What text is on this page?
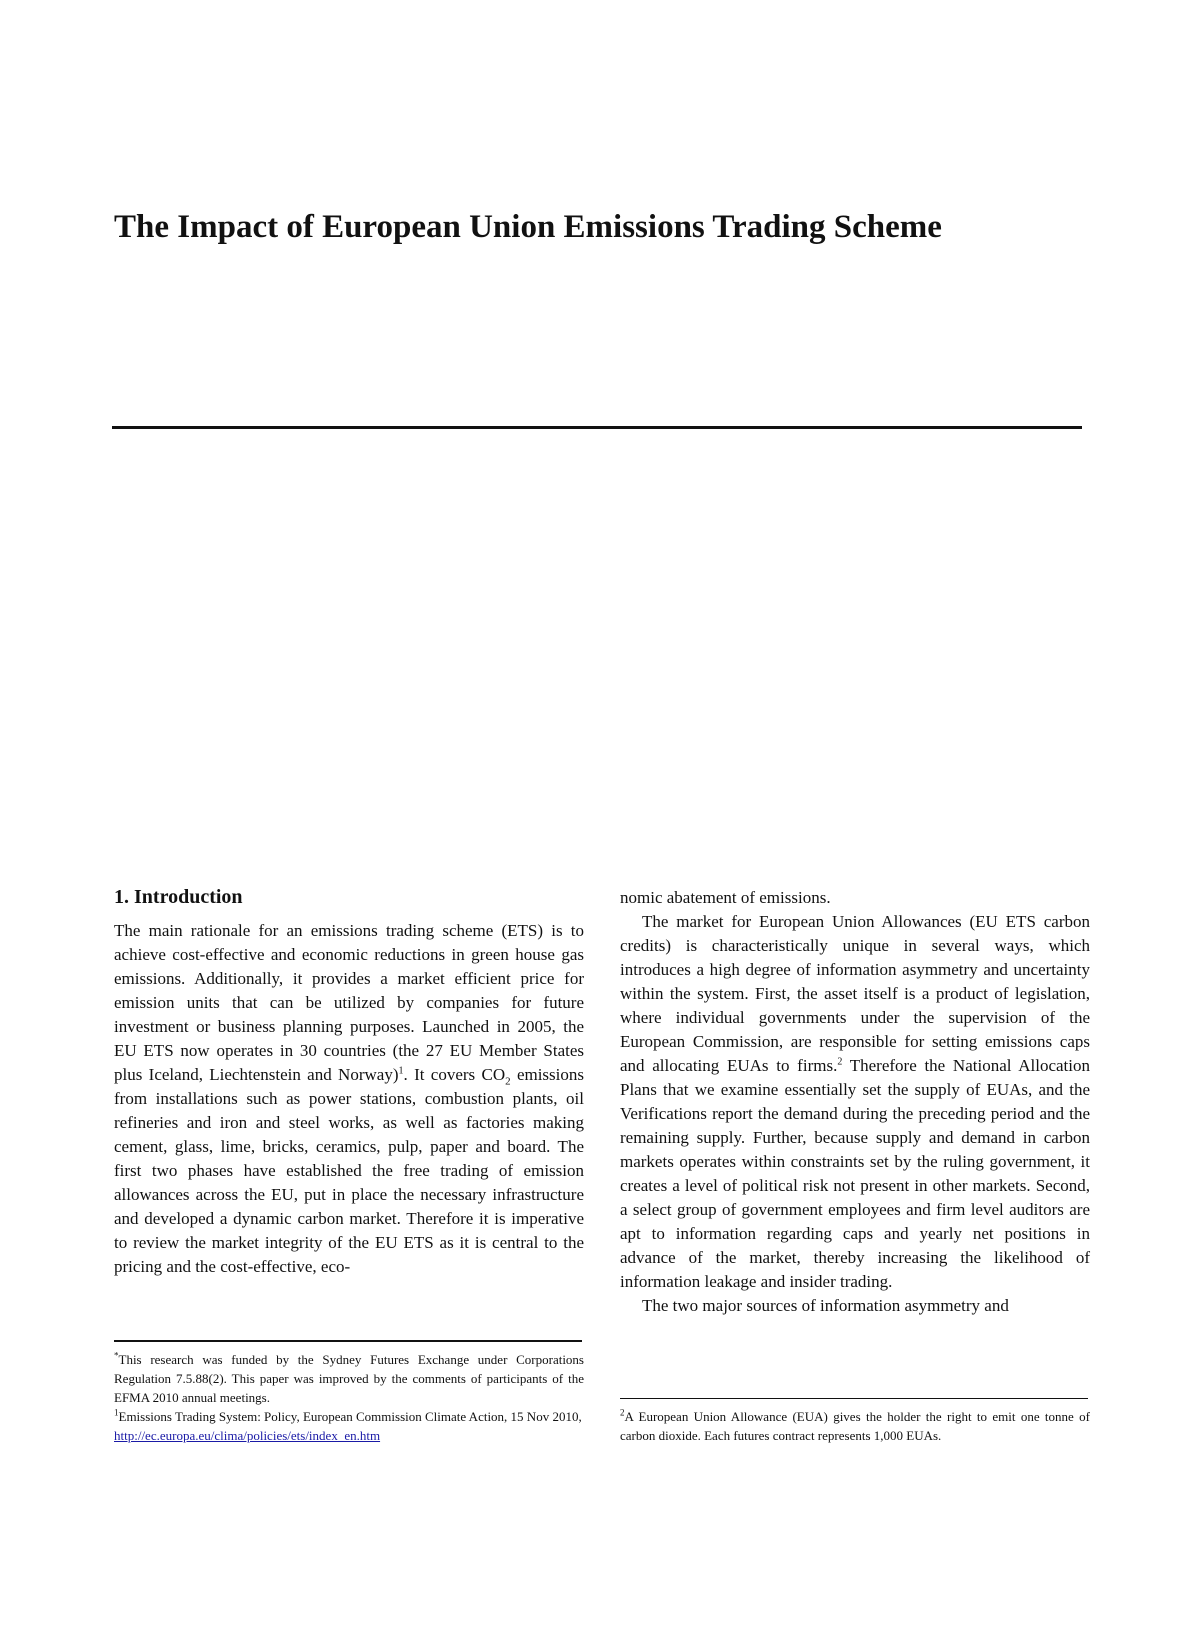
The Impact of European Union Emissions Trading Scheme
1. Introduction

The main rationale for an emissions trading scheme (ETS) is to achieve cost-effective and economic reductions in green house gas emissions. Additionally, it provides a market efficient price for emission units that can be utilized by companies for future investment or business planning purposes. Launched in 2005, the EU ETS now operates in 30 countries (the 27 EU Member States plus Iceland, Liechtenstein and Norway)$^1$. It covers $CO_2$ emissions from installations such as power stations, combustion plants, oil refineries and iron and steel works, as well as factories making cement, glass, lime, bricks, ceramics, pulp, paper and board. The first two phases have established the free trading of emission allowances across the EU, put in place the necessary infrastructure and developed a dynamic carbon market. Therefore it is imperative to review the market integrity of the EU ETS as it is central to the pricing and the cost-effective, eco-

nomic abatement of emissions.

The market for European Union Allowances (EU ETS carbon credits) is characteristically unique in several ways, which introduces a high degree of information asymmetry and uncertainty within the system. First, the asset itself is a product of legislation, where individual governments under the supervision of the European Commission, are responsible for setting emissions caps and allocating EUAs to firms.$^2$ Therefore the National Allocation Plans that we examine essentially set the supply of EUAs, and the Verifications report the demand during the preceding period and the remaining supply. Further, because supply and demand in carbon markets operates within constraints set by the ruling government, it creates a level of political risk not present in other markets. Second, a select group of government employees and firm level auditors are apt to information regarding caps and yearly net positions in advance of the market, thereby increasing the likelihood of information leakage and insider trading.

The two major sources of information asymmetry and

*This research was funded by the Sydney Futures Exchange under Corporations Regulation 7.5.88(2). This paper was improved by the comments of participants of the EFMA 2010 annual meetings.

$^1$Emissions Trading System: Policy, European Commission Climate Action, 15 Nov 2010,
http://ec.europa.eu/clima/policies/ets/index_en.htm

$^2$A European Union Allowance (EUA) gives the holder the right to emit one tonne of carbon dioxide. Each futures contract represents 1,000 EUAs.
